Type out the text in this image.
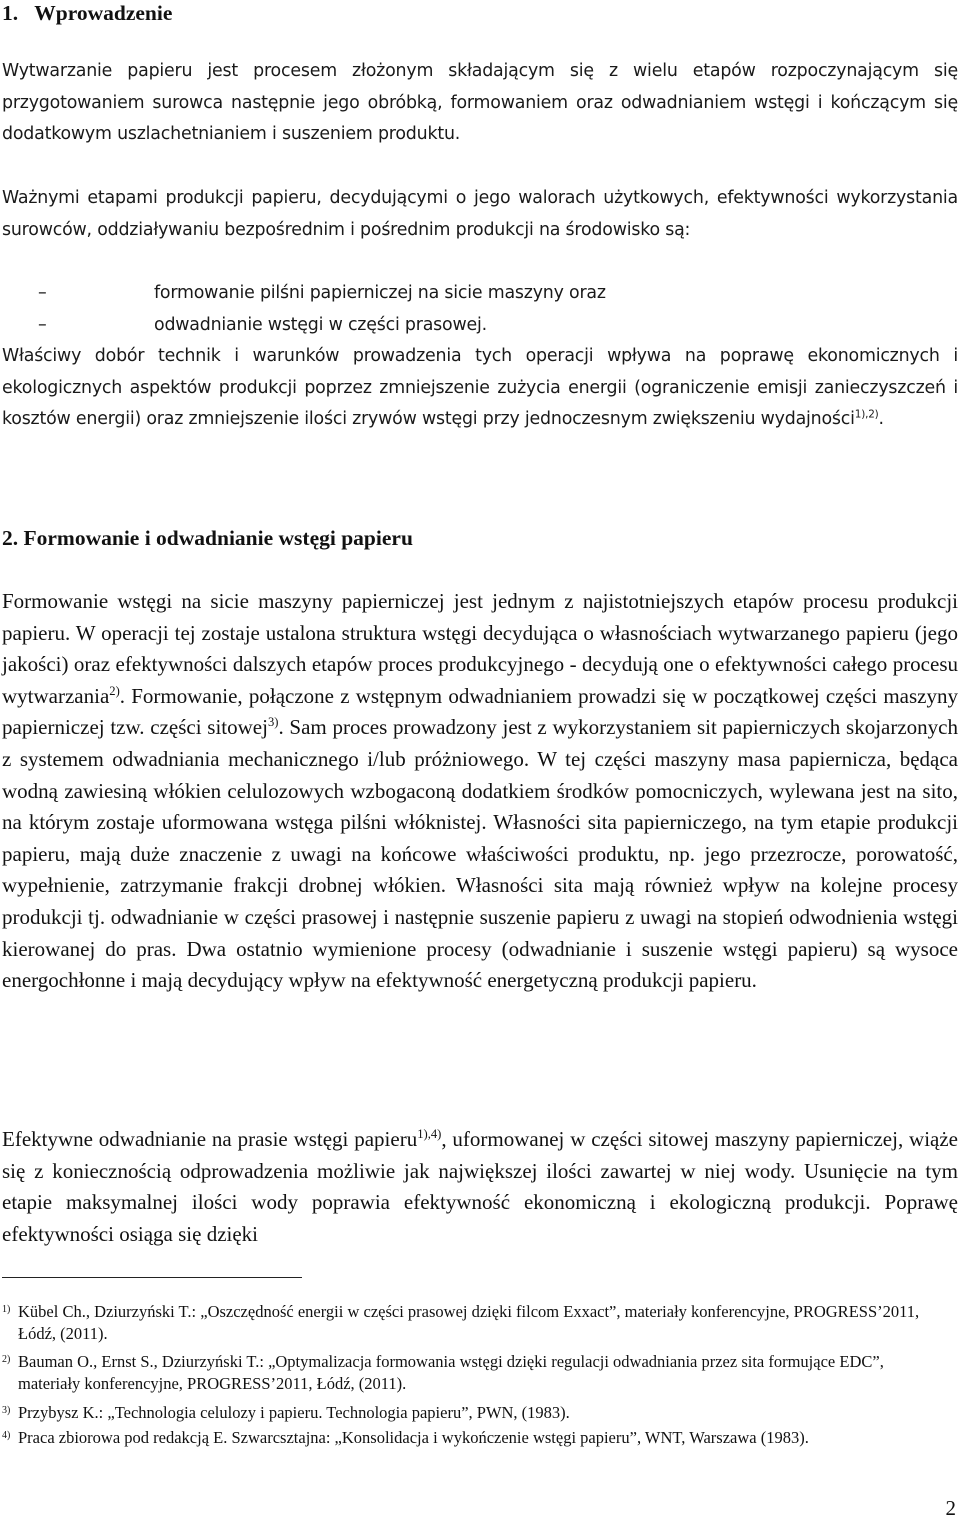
1.   Wprowadzenie

Wytwarzanie papieru jest procesem złożonym składającym się z wielu etapów rozpoczynającym się przygotowaniem surowca następnie jego obróbką, formowaniem oraz odwadnianiem wstęgi i kończącym się dodatkowym uszlachetnianiem i suszeniem produktu.

Ważnymi etapami produkcji papieru, decydującymi o jego walorach użytkowych, efektywności wykorzystania surowców, oddziaływaniu bezpośrednim i pośrednim produkcji na środowisko są:

–	formowanie pilśni papierniczej na sicie maszyny oraz
–	odwadnianie wstęgi w części prasowej.

Właściwy dobór technik i warunków prowadzenia tych operacji wpływa na poprawę ekonomicznych i ekologicznych aspektów produkcji poprzez zmniejszenie zużycia energii (ograniczenie emisji zanieczyszczeń i kosztów energii) oraz zmniejszenie ilości zrywów wstęgi przy jednoczesnym zwiększeniu wydajności$^{1),2)}$.

2. Formowanie i odwadnianie wstęgi papieru

Formowanie wstęgi na sicie maszyny papierniczej jest jednym z najistotniejszych etapów procesu produkcji papieru. W operacji tej zostaje ustalona struktura wstęgi decydująca o własnościach wytwarzanego papieru (jego jakości) oraz efektywności dalszych etapów proces produkcyjnego - decydują one o efektywności całego procesu wytwarzania$^{2)}$. Formowanie, połączone z wstępnym odwadnianiem prowadzi się w początkowej części maszyny papierniczej tzw. części sitowej$^{3)}$. Sam proces prowadzony jest z wykorzystaniem sit papierniczych skojarzonych z systemem odwadniania mechanicznego i/lub próżniowego. W tej części maszyny masa papiernicza, będąca wodną zawiesiną włókien celulozowych wzbogaconą dodatkiem środków pomocniczych, wylewana jest na sito, na którym zostaje uformowana wstęga pilśni włóknistej. Własności sita papierniczego, na tym etapie produkcji papieru, mają duże znaczenie z uwagi na końcowe właściwości produktu, np. jego przezrocze, porowatość, wypełnienie, zatrzymanie frakcji drobnej włókien. Własności sita mają również wpływ na kolejne procesy produkcji tj. odwadnianie w części prasowej i następnie suszenie papieru z uwagi na stopień odwodnienia wstęgi kierowanej do pras. Dwa ostatnio wymienione procesy (odwadnianie i suszenie wstęgi papieru) są wysoce energochłonne i mają decydujący wpływ na efektywność energetyczną produkcji papieru.

Efektywne odwadnianie na prasie wstęgi papieru$^{1),4)}$, uformowanej w części sitowej maszyny papierniczej, wiąże się z koniecznością odprowadzenia możliwie jak największej ilości zawartej w niej wody. Usunięcie na tym etapie maksymalnej ilości wody poprawia efektywność ekonomiczną i ekologiczną produkcji. Poprawę efektywności osiąga się dzięki

1) Kübel Ch., Dziurzyński T.: „Oszczędność energii w części prasowej dzięki filcom Exxact”, materiały konferencyjne, PROGRESS’2011, Łódź, (2011).

2) Bauman O., Ernst S., Dziurzyński T.: „Optymalizacja formowania wstęgi dzięki regulacji odwadniania przez sita formujące EDC”, materiały konferencyjne, PROGRESS’2011, Łódź, (2011).

3) Przybysz K.: „Technologia celulozy i papieru. Technologia papieru”, PWN, (1983).

4) Praca zbiorowa pod redakcją E. Szwarcsztajna: „Konsolidacja i wykończenie wstęgi papieru”, WNT, Warszawa (1983).

2
